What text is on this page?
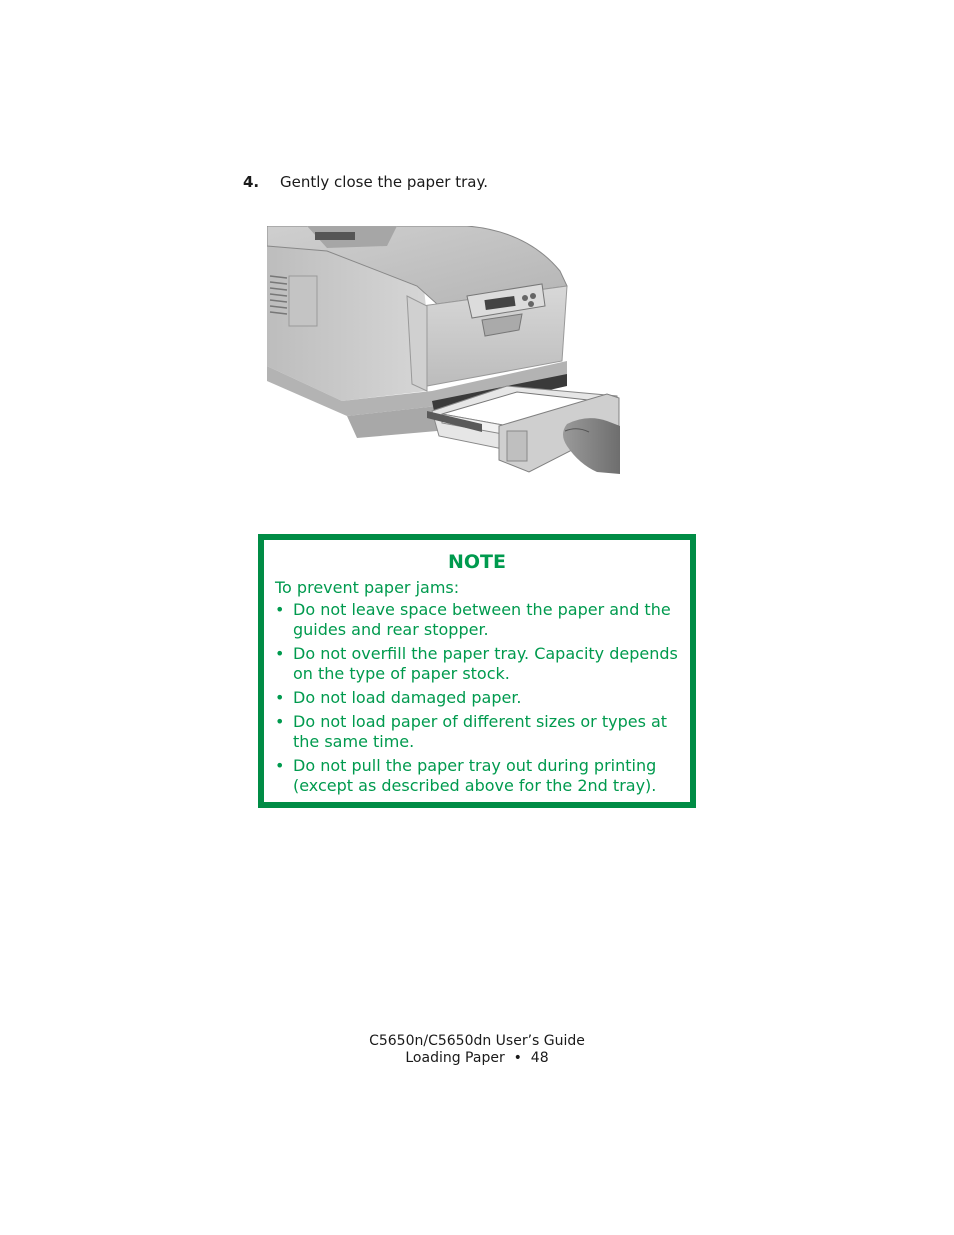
4. Gently close the paper tray.
NOTE
To prevent paper jams:
• Do not leave space between the paper and the guides and rear stopper.
• Do not overfill the paper tray. Capacity depends on the type of paper stock.
• Do not load damaged paper.
• Do not load paper of different sizes or types at the same time.
• Do not pull the paper tray out during printing (except as described above for the 2nd tray).
C5650n/C5650dn User’s Guide
Loading Paper • 48
